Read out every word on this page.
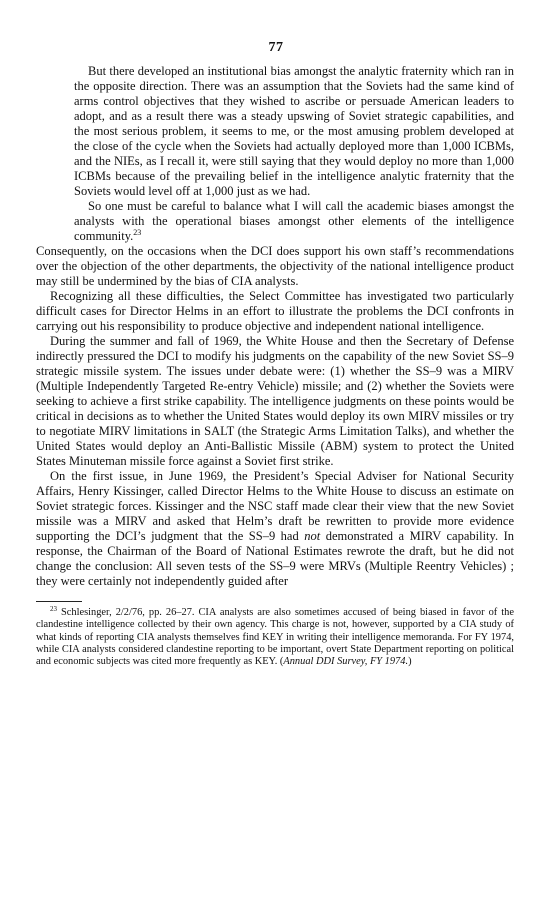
77

But there developed an institutional bias amongst the analytic fraternity which ran in the opposite direction. There was an assumption that the Soviets had the same kind of arms control objectives that they wished to ascribe or persuade American leaders to adopt, and as a result there was a steady upswing of Soviet strategic capabilities, and the most serious problem, it seems to me, or the most amusing problem developed at the close of the cycle when the Soviets had actually deployed more than 1,000 ICBMs, and the NIEs, as I recall it, were still saying that they would deploy no more than 1,000 ICBMs because of the prevailing belief in the intelligence analytic fraternity that the Soviets would level off at 1,000 just as we had.

So one must be careful to balance what I will call the academic biases amongst the analysts with the operational biases amongst other elements of the intelligence community.$^{23}$

Consequently, on the occasions when the DCI does support his own staff’s recommendations over the objection of the other departments, the objectivity of the national intelligence product may still be undermined by the bias of CIA analysts.

Recognizing all these difficulties, the Select Committee has investigated two particularly difficult cases for Director Helms in an effort to illustrate the problems the DCI confronts in carrying out his responsibility to produce objective and independent national intelligence.

During the summer and fall of 1969, the White House and then the Secretary of Defense indirectly pressured the DCI to modify his judgments on the capability of the new Soviet SS–9 strategic missile system. The issues under debate were: (1) whether the SS–9 was a MIRV (Multiple Independently Targeted Re-entry Vehicle) missile; and (2) whether the Soviets were seeking to achieve a first strike capability. The intelligence judgments on these points would be critical in decisions as to whether the United States would deploy its own MIRV missiles or try to negotiate MIRV limitations in SALT (the Strategic Arms Limitation Talks), and whether the United States would deploy an Anti-Ballistic Missile (ABM) system to protect the United States Minuteman missile force against a Soviet first strike.

On the first issue, in June 1969, the President’s Special Adviser for National Security Affairs, Henry Kissinger, called Director Helms to the White House to discuss an estimate on Soviet strategic forces. Kissinger and the NSC staff made clear their view that the new Soviet missile was a MIRV and asked that Helm’s draft be rewritten to provide more evidence supporting the DCI’s judgment that the SS–9 had not demonstrated a MIRV capability. In response, the Chairman of the Board of National Estimates rewrote the draft, but he did not change the conclusion: All seven tests of the SS–9 were MRVs (Multiple Reentry Vehicles) ; they were certainly not independently guided after

$^{23}$ Schlesinger, 2/2/76, pp. 26–27. CIA analysts are also sometimes accused of being biased in favor of the clandestine intelligence collected by their own agency. This charge is not, however, supported by a CIA study of what kinds of reporting CIA analysts themselves find KEY in writing their intelligence memoranda. For FY 1974, while CIA analysts considered clandestine reporting to be important, overt State Department reporting on political and economic subjects was cited more frequently as KEY. (Annual DDI Survey, FY 1974.)
